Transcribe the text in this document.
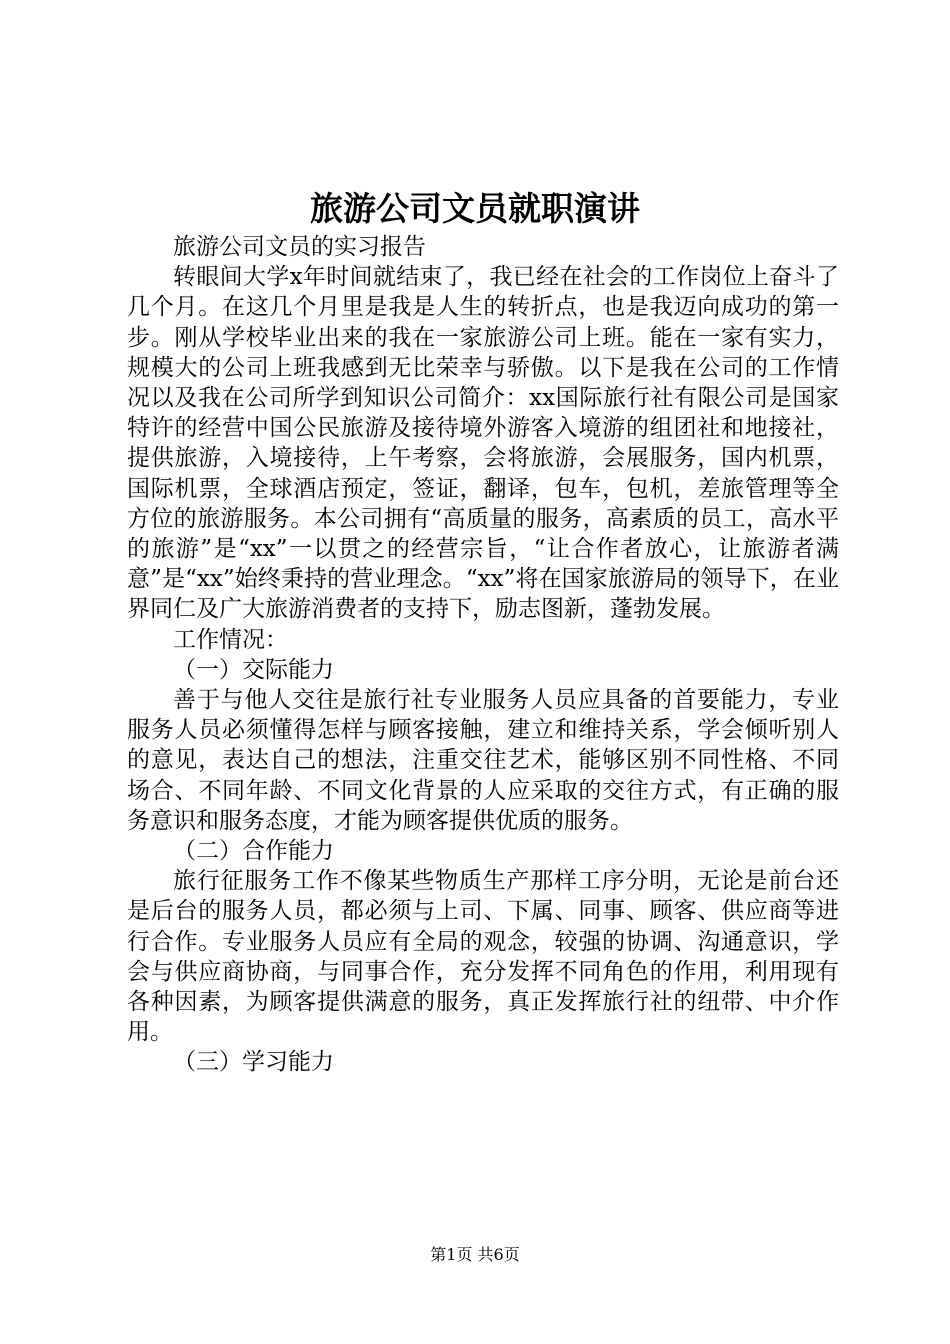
旅游公司文员就职演讲

旅游公司文员的实习报告

转眼间大学x年时间就结束了，我已经在社会的工作岗位上奋斗了几个月。在这几个月里是我是人生的转折点，也是我迈向成功的第一步。刚从学校毕业出来的我在一家旅游公司上班。能在一家有实力，规模大的公司上班我感到无比荣幸与骄傲。以下是我在公司的工作情况以及我在公司所学到知识公司简介：xx国际旅行社有限公司是国家特许的经营中国公民旅游及接待境外游客入境游的组团社和地接社，提供旅游，入境接待，上午考察，会将旅游，会展服务，国内机票，国际机票，全球酒店预定，签证，翻译，包车，包机，差旅管理等全方位的旅游服务。本公司拥有“高质量的服务，高素质的员工，高水平的旅游”是“xx”一以贯之的经营宗旨，“让合作者放心，让旅游者满意”是“xx”始终秉持的营业理念。“xx”将在国家旅游局的领导下，在业界同仁及广大旅游消费者的支持下，励志图新，蓬勃发展。

工作情况：

（一）交际能力

善于与他人交往是旅行社专业服务人员应具备的首要能力，专业服务人员必须懂得怎样与顾客接触，建立和维持关系，学会倾听别人的意见，表达自己的想法，注重交往艺术，能够区别不同性格、不同场合、不同年龄、不同文化背景的人应采取的交往方式，有正确的服务意识和服务态度，才能为顾客提供优质的服务。

（二）合作能力

旅行征服务工作不像某些物质生产那样工序分明，无论是前台还是后台的服务人员，都必须与上司、下属、同事、顾客、供应商等进行合作。专业服务人员应有全局的观念，较强的协调、沟通意识，学会与供应商协商，与同事合作，充分发挥不同角色的作用，利用现有各种因素，为顾客提供满意的服务，真正发挥旅行社的纽带、中介作用。

（三）学习能力

第1页 共6页
